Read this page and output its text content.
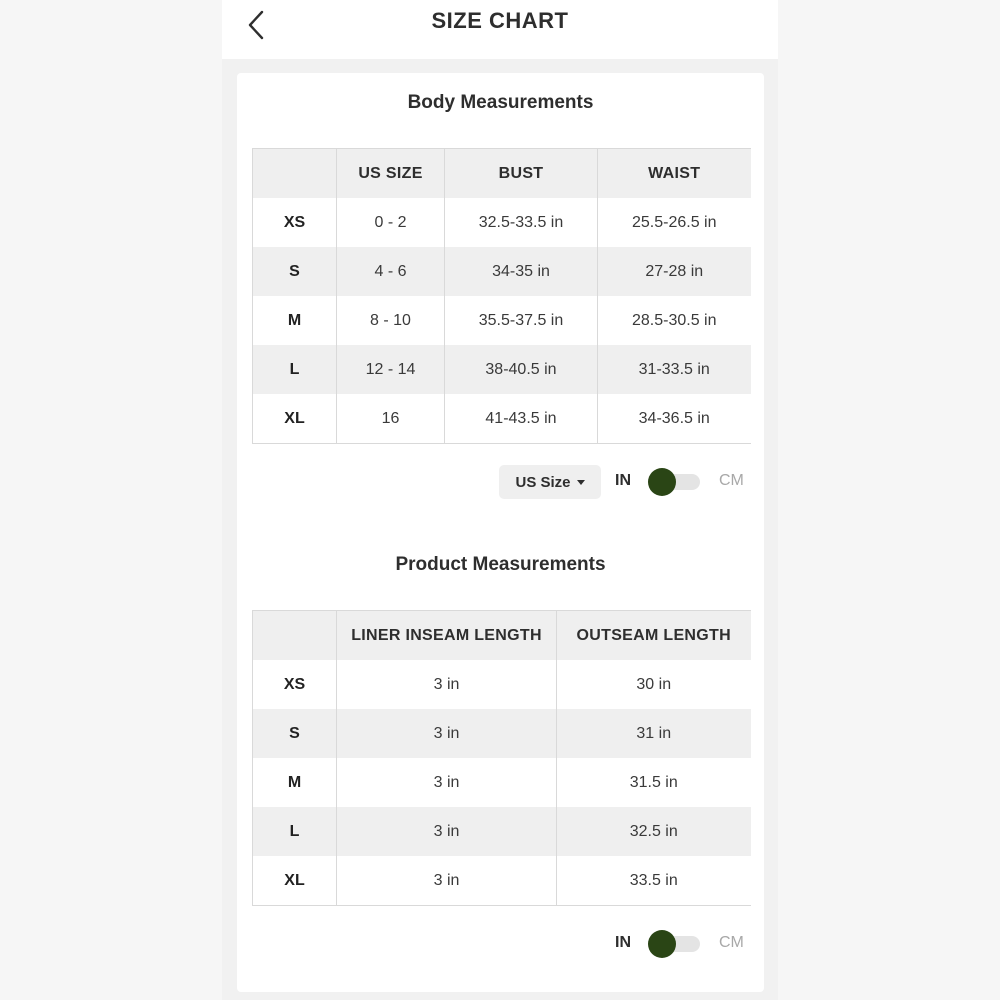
SIZE CHART
Body Measurements
	US SIZE	BUST	WAIST
XS	0 - 2	32.5-33.5 in	25.5-26.5 in
S	4 - 6	34-35 in	27-28 in
M	8 - 10	35.5-37.5 in	28.5-30.5 in
L	12 - 14	38-40.5 in	31-33.5 in
XL	16	41-43.5 in	34-36.5 in
US Size	IN	CM
Product Measurements
	LINER INSEAM LENGTH	OUTSEAM LENGTH
XS	3 in	30 in
S	3 in	31 in
M	3 in	31.5 in
L	3 in	32.5 in
XL	3 in	33.5 in
IN	CM
